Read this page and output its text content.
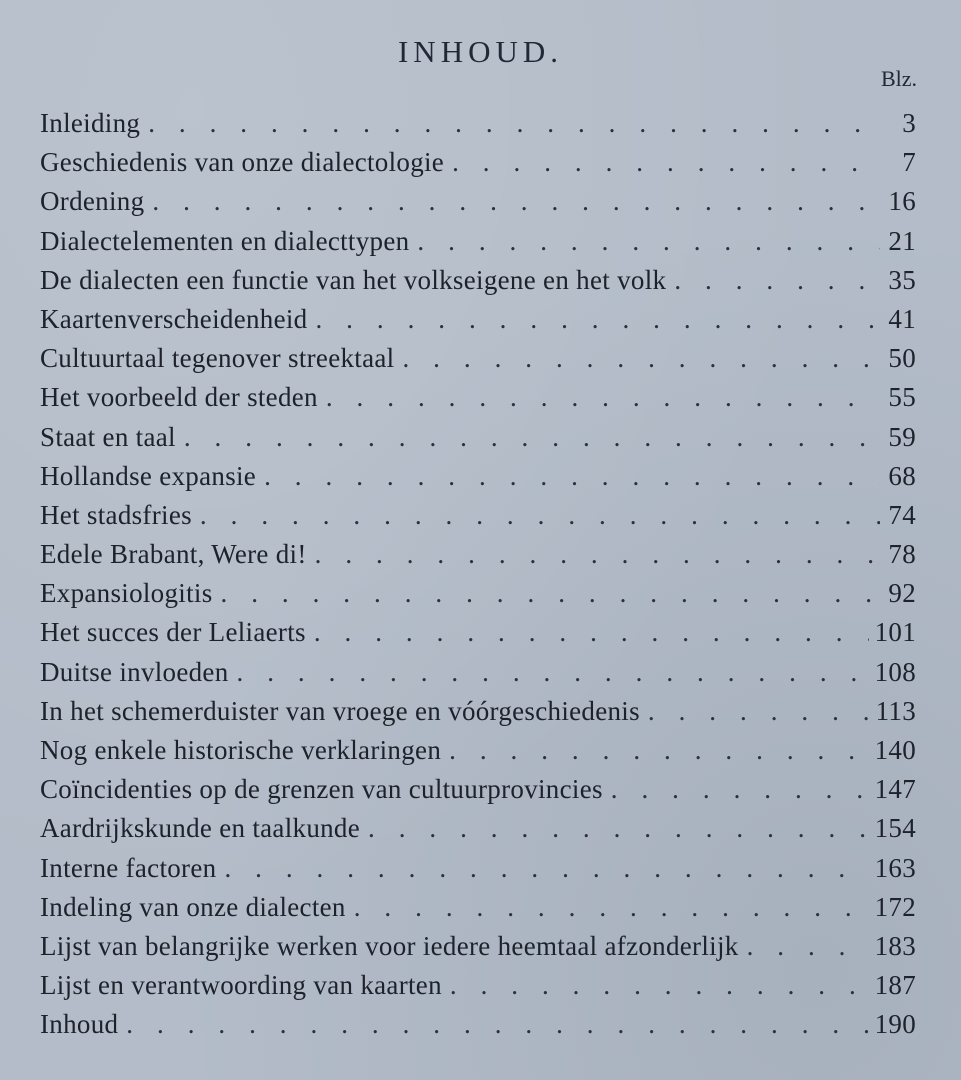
INHOUD.
Blz.
Inleiding . . .	3
Geschiedenis van onze dialectologie . . .	7
Ordening . . .	16
Dialectelementen en dialecttypen . . .	21
De dialecten een functie van het volkseigene en het volk . . .	35
Kaartenverscheidenheid . . .	41
Cultuurtaal tegenover streektaal . . .	50
Het voorbeeld der steden . . .	55
Staat en taal . . .	59
Hollandse expansie . . .	68
Het stadsfries . . .	74
Edele Brabant, Were di! . . .	78
Expansiologitis . . .	92
Het succes der Leliaerts . . .	101
Duitse invloeden . . .	108
In het schemerduister van vroege en vóórgeschiedenis . . .	113
Nog enkele historische verklaringen . . .	140
Coïncidenties op de grenzen van cultuurprovincies . . .	147
Aardrijkskunde en taalkunde . . .	154
Interne factoren . . .	163
Indeling van onze dialecten . . .	172
Lijst van belangrijke werken voor iedere heemtaal afzonderlijk . . .	183
Lijst en verantwoording van kaarten . . .	187
Inhoud . . .	190
